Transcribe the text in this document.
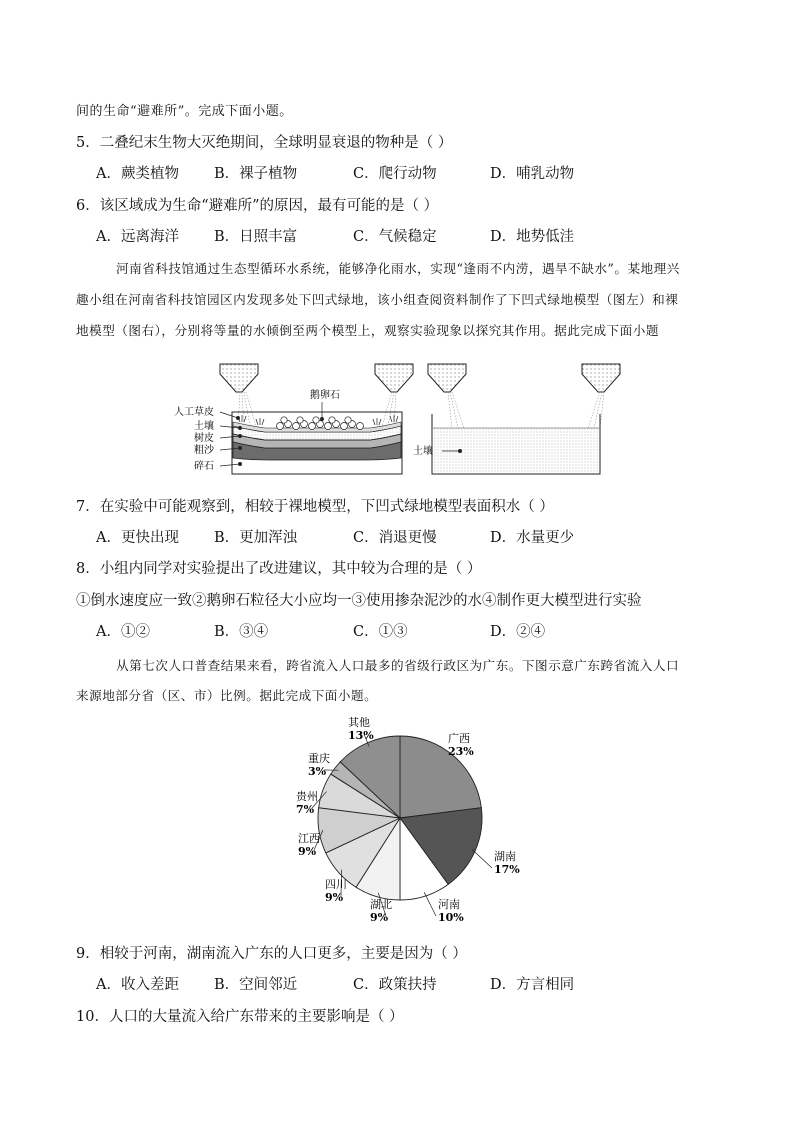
间的生命“避难所”。完成下面小题。
5．二叠纪末生物大灭绝期间，全球明显衰退的物种是（ ）
A．蕨类植物 B．裸子植物	C．爬行动物	D．哺乳动物
6．该区域成为生命“避难所”的原因，最有可能的是（ ）
A．远离海洋 B．日照丰富	C．气候稳定	D．地势低洼
河南省科技馆通过生态型循环水系统，能够净化雨水，实现“逢雨不内涝，遇旱不缺水”。某地理兴
趣小组在河南省科技馆园区内发现多处下凹式绿地，该小组查阅资料制作了下凹式绿地模型（图左）和裸
地模型（图右），分别将等量的水倾倒至两个模型上，观察实验现象以探究其作用。据此完成下面小题
鹅卵石
人工草皮
土壤
树皮
粗沙
碎石
土壤
7．在实验中可能观察到，相较于裸地模型，下凹式绿地模型表面积水（ ）
A．更快出现 B．更加浑浊	C．消退更慢	D．水量更少
8．小组内同学对实验提出了改进建议，其中较为合理的是（ ）
①倒水速度应一致②鹅卵石粒径大小应均一③使用掺杂泥沙的水④制作更大模型进行实验
A．①②	B．③④	C．①③	D．②④
从第七次人口普查结果来看，跨省流入人口最多的省级行政区为广东。下图示意广东跨省流入人口
来源地部分省（区、市）比例。据此完成下面小题。
广西
23%
湖南
17%
河南
10%
湖北
9%
四川
9%
江西
9%
贵州
7%
重庆
3%
其他
13%
9．相较于河南，湖南流入广东的人口更多，主要是因为（ ）
A．收入差距 B．空间邻近	C．政策扶持	D．方言相同
10．人口的大量流入给广东带来的主要影响是（ ）
